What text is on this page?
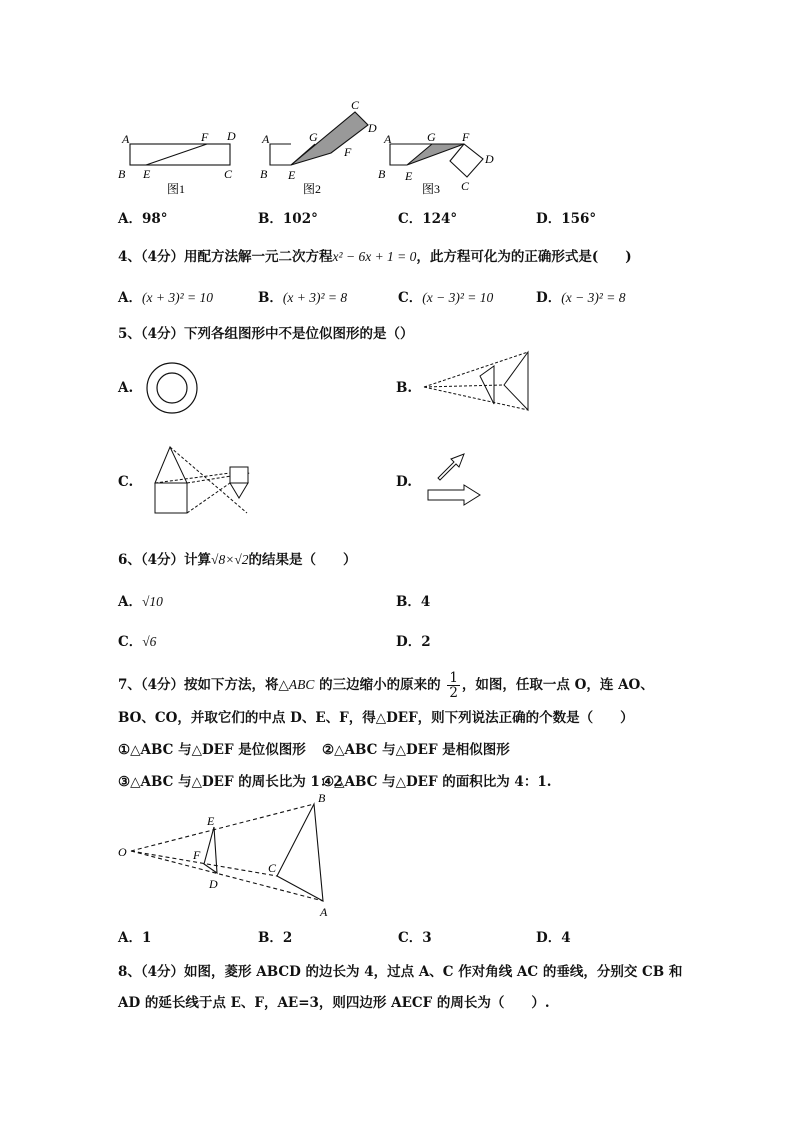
A	F D
B E	C
图1
A	G
C
D
F
B E
图2
A	G F
D
B E
C
图3
A．98°	B．102°	C．124°	D．156°
4、（4分）用配方法解一元二次方程x² − 6x + 1 = 0，此方程可化为的正确形式是(　　)
A．(x + 3)² = 10	B．(x + 3)² = 8	C．(x − 3)² = 10	D．(x − 3)² = 8
5、（4分）下列各组图形中不是位似图形的是（）
A.	B.
C.	D.
6、（4分）计算√8×√2的结果是（　　）
A．√10	B．4
C．√6	D．2
7、（4分）按如下方法，将△ABC 的三边缩小的原来的 $\frac{1}{2}$ ，如图，任取一点 O，连 AO、
BO、CO，并取它们的中点 D、E、F，得△DEF，则下列说法正确的个数是（　　）
①△ABC 与△DEF 是位似图形 ②△ABC 与△DEF 是相似图形
③△ABC 与△DEF 的周长比为 1：2
④△ABC 与△DEF 的面积比为 4：1.
B
E
O	F
C
D
A
A．1	B．2	C．3	D．4
8、（4分）如图，菱形 ABCD 的边长为 4，过点 A、C 作对角线 AC 的垂线，分别交 CB 和
AD 的延长线于点 E、F，AE=3，则四边形 AECF 的周长为（　　）.
